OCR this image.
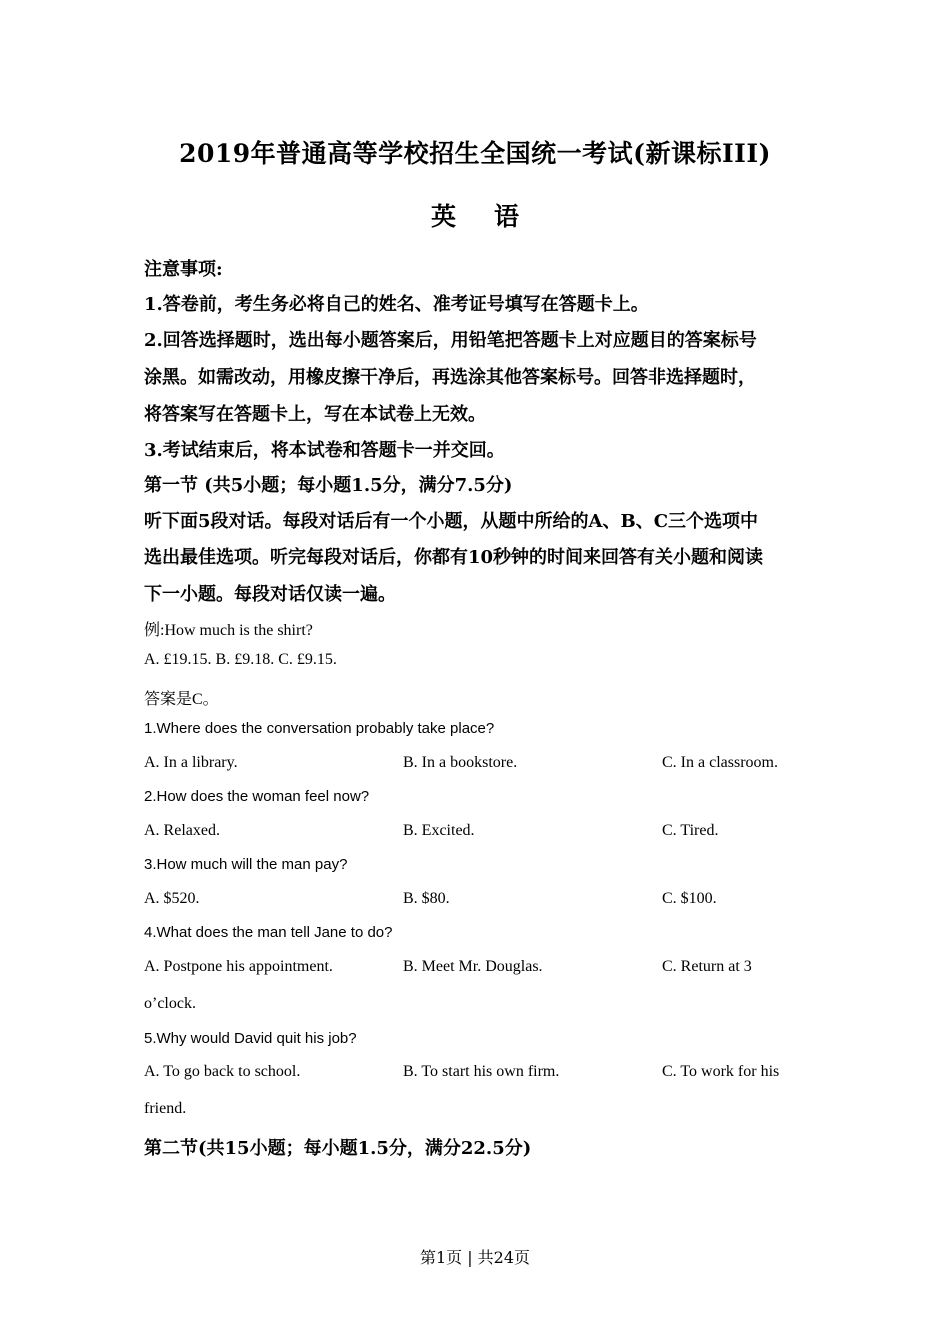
2019年普通高等学校招生全国统一考试(新课标III)
英语
注意事项:
1.答卷前，考生务必将自己的姓名、准考证号填写在答题卡上。
2.回答选择题时，选出每小题答案后，用铅笔把答题卡上对应题目的答案标号
涂黑。如需改动，用橡皮擦干净后，再选涂其他答案标号。回答非选择题时，
将答案写在答题卡上，写在本试卷上无效。
3.考试结束后，将本试卷和答题卡一并交回。
第一节 (共5小题；每小题1.5分，满分7.5分)
听下面5段对话。每段对话后有一个小题，从题中所给的A、B、C三个选项中
选出最佳选项。听完每段对话后，你都有10秒钟的时间来回答有关小题和阅读
下一小题。每段对话仅读一遍。
例:How much is the shirt?
A. £19.15. B. £9.18. C. £9.15.
答案是C。
1.Where does the conversation probably take place?
A. In a library.	B. In a bookstore.	C. In a classroom.
2.How does the woman feel now?
A. Relaxed.	B. Excited.	C. Tired.
3.How much will the man pay?
A. $520.	B. $80.	C. $100.
4.What does the man tell Jane to do?
A. Postpone his appointment.	B. Meet Mr. Douglas.	C. Return at 3
o’clock.
5.Why would David quit his job?
A. To go back to school.	B. To start his own firm.	C. To work for his
friend.
第二节(共15小题；每小题1.5分，满分22.5分)
第1页 | 共24页
